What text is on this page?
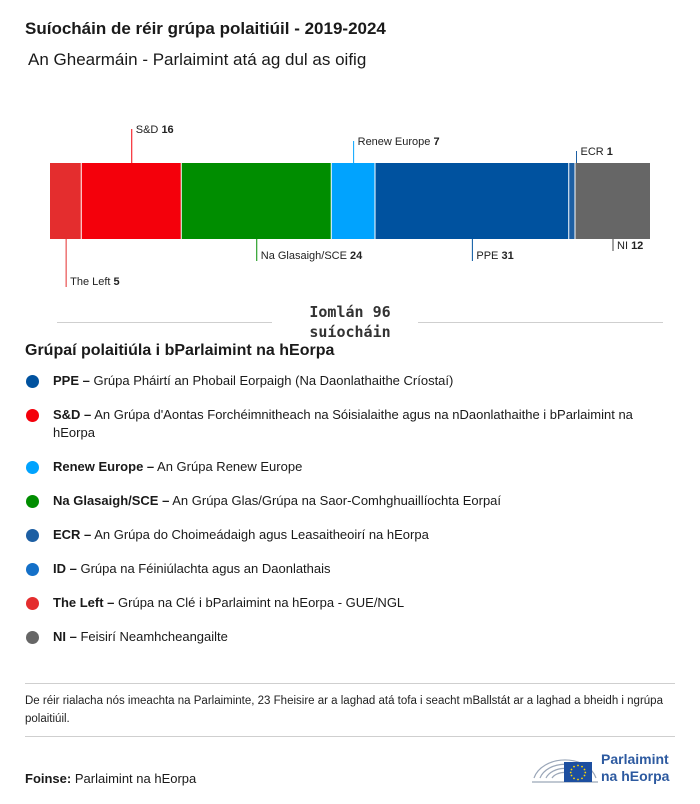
Suíocháin de réir grúpa polaitiúil - 2019-2024
An Ghearmáin - Parlaimint atá ag dul as oifig
The Left 5
S&D 16
Na Glasaigh/SCE 24
Renew Europe 7
PPE 31
ECR 1
NI 12
Iomlán 96
suíocháin
Grúpaí polaitiúla i bParlaimint na hEorpa
PPE – Grúpa Pháirtí an Phobail Eorpaigh (Na Daonlathaithe Críostaí)
S&D – An Grúpa d'Aontas Forchéimnitheach na Sóisialaithe agus na nDaonlathaithe i bParlaimint na hEorpa
Renew Europe – An Grúpa Renew Europe
Na Glasaigh/SCE – An Grúpa Glas/Grúpa na Saor-Comhghuaillíochta Eorpaí
ECR – An Grúpa do Choimeádaigh agus Leasaitheoirí na hEorpa
ID – Grúpa na Féiniúlachta agus an Daonlathais
The Left – Grúpa na Clé i bParlaimint na hEorpa - GUE/NGL
NI – Feisirí Neamhcheangailte
De réir rialacha nós imeachta na Parlaiminte, 23 Fheisire ar a laghad atá tofa i seacht mBallstát ar a laghad a bheidh i ngrúpa polaitiúil.
Foinse: Parlaimint na hEorpa
Parlaimint
na hEorpa
